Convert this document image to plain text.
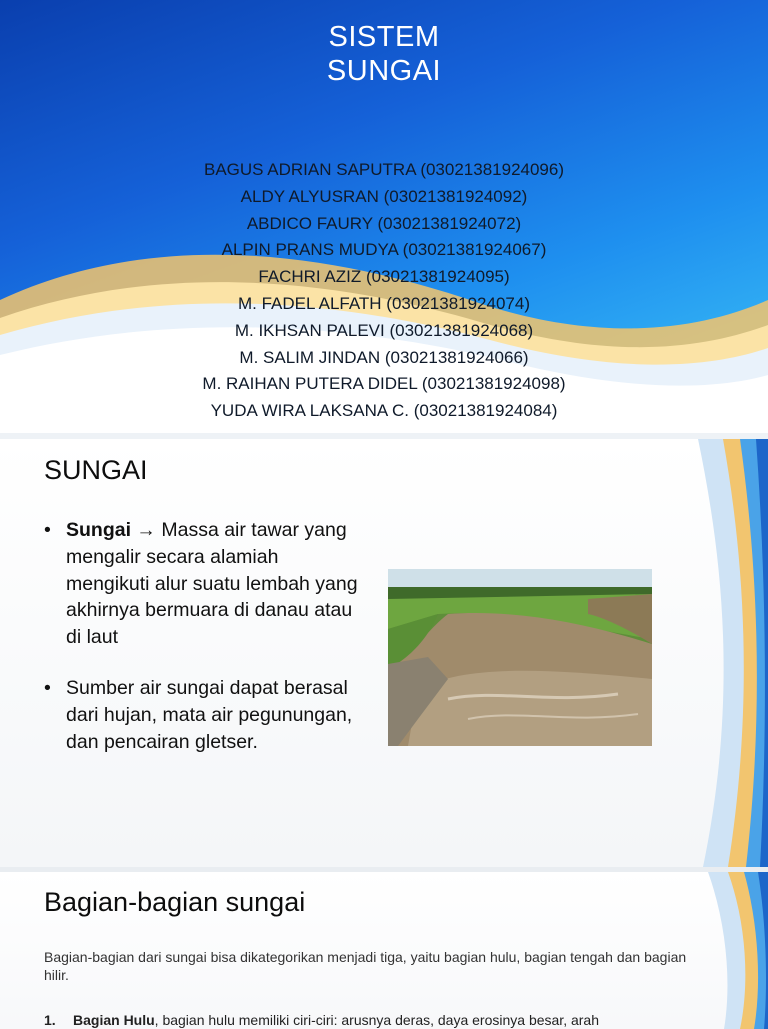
SISTEM
SUNGAI
BAGUS ADRIAN SAPUTRA (03021381924096)
ALDY ALYUSRAN (03021381924092)
ABDICO FAURY (03021381924072)
ALPIN PRANS MUDYA (03021381924067)
FACHRI AZIZ (03021381924095)
M. FADEL ALFATH (03021381924074)
M. IKHSAN PALEVI (03021381924068)
M. SALIM JINDAN (03021381924066)
M. RAIHAN PUTERA DIDEL (03021381924098)
YUDA WIRA LAKSANA C. (03021381924084)
SUNGAI
• Sungai → Massa air tawar yang mengalir secara alamiah mengikuti alur suatu lembah yang akhirnya bermuara di danau atau di laut
• Sumber air sungai dapat berasal dari hujan, mata air pegunungan, dan pencairan gletser.
Bagian-bagian sungai
Bagian-bagian dari sungai bisa dikategorikan menjadi tiga, yaitu bagian hulu, bagian tengah dan bagian hilir.
1. Bagian Hulu, bagian hulu memiliki ciri-ciri: arusnya deras, daya erosinya besar, arah
